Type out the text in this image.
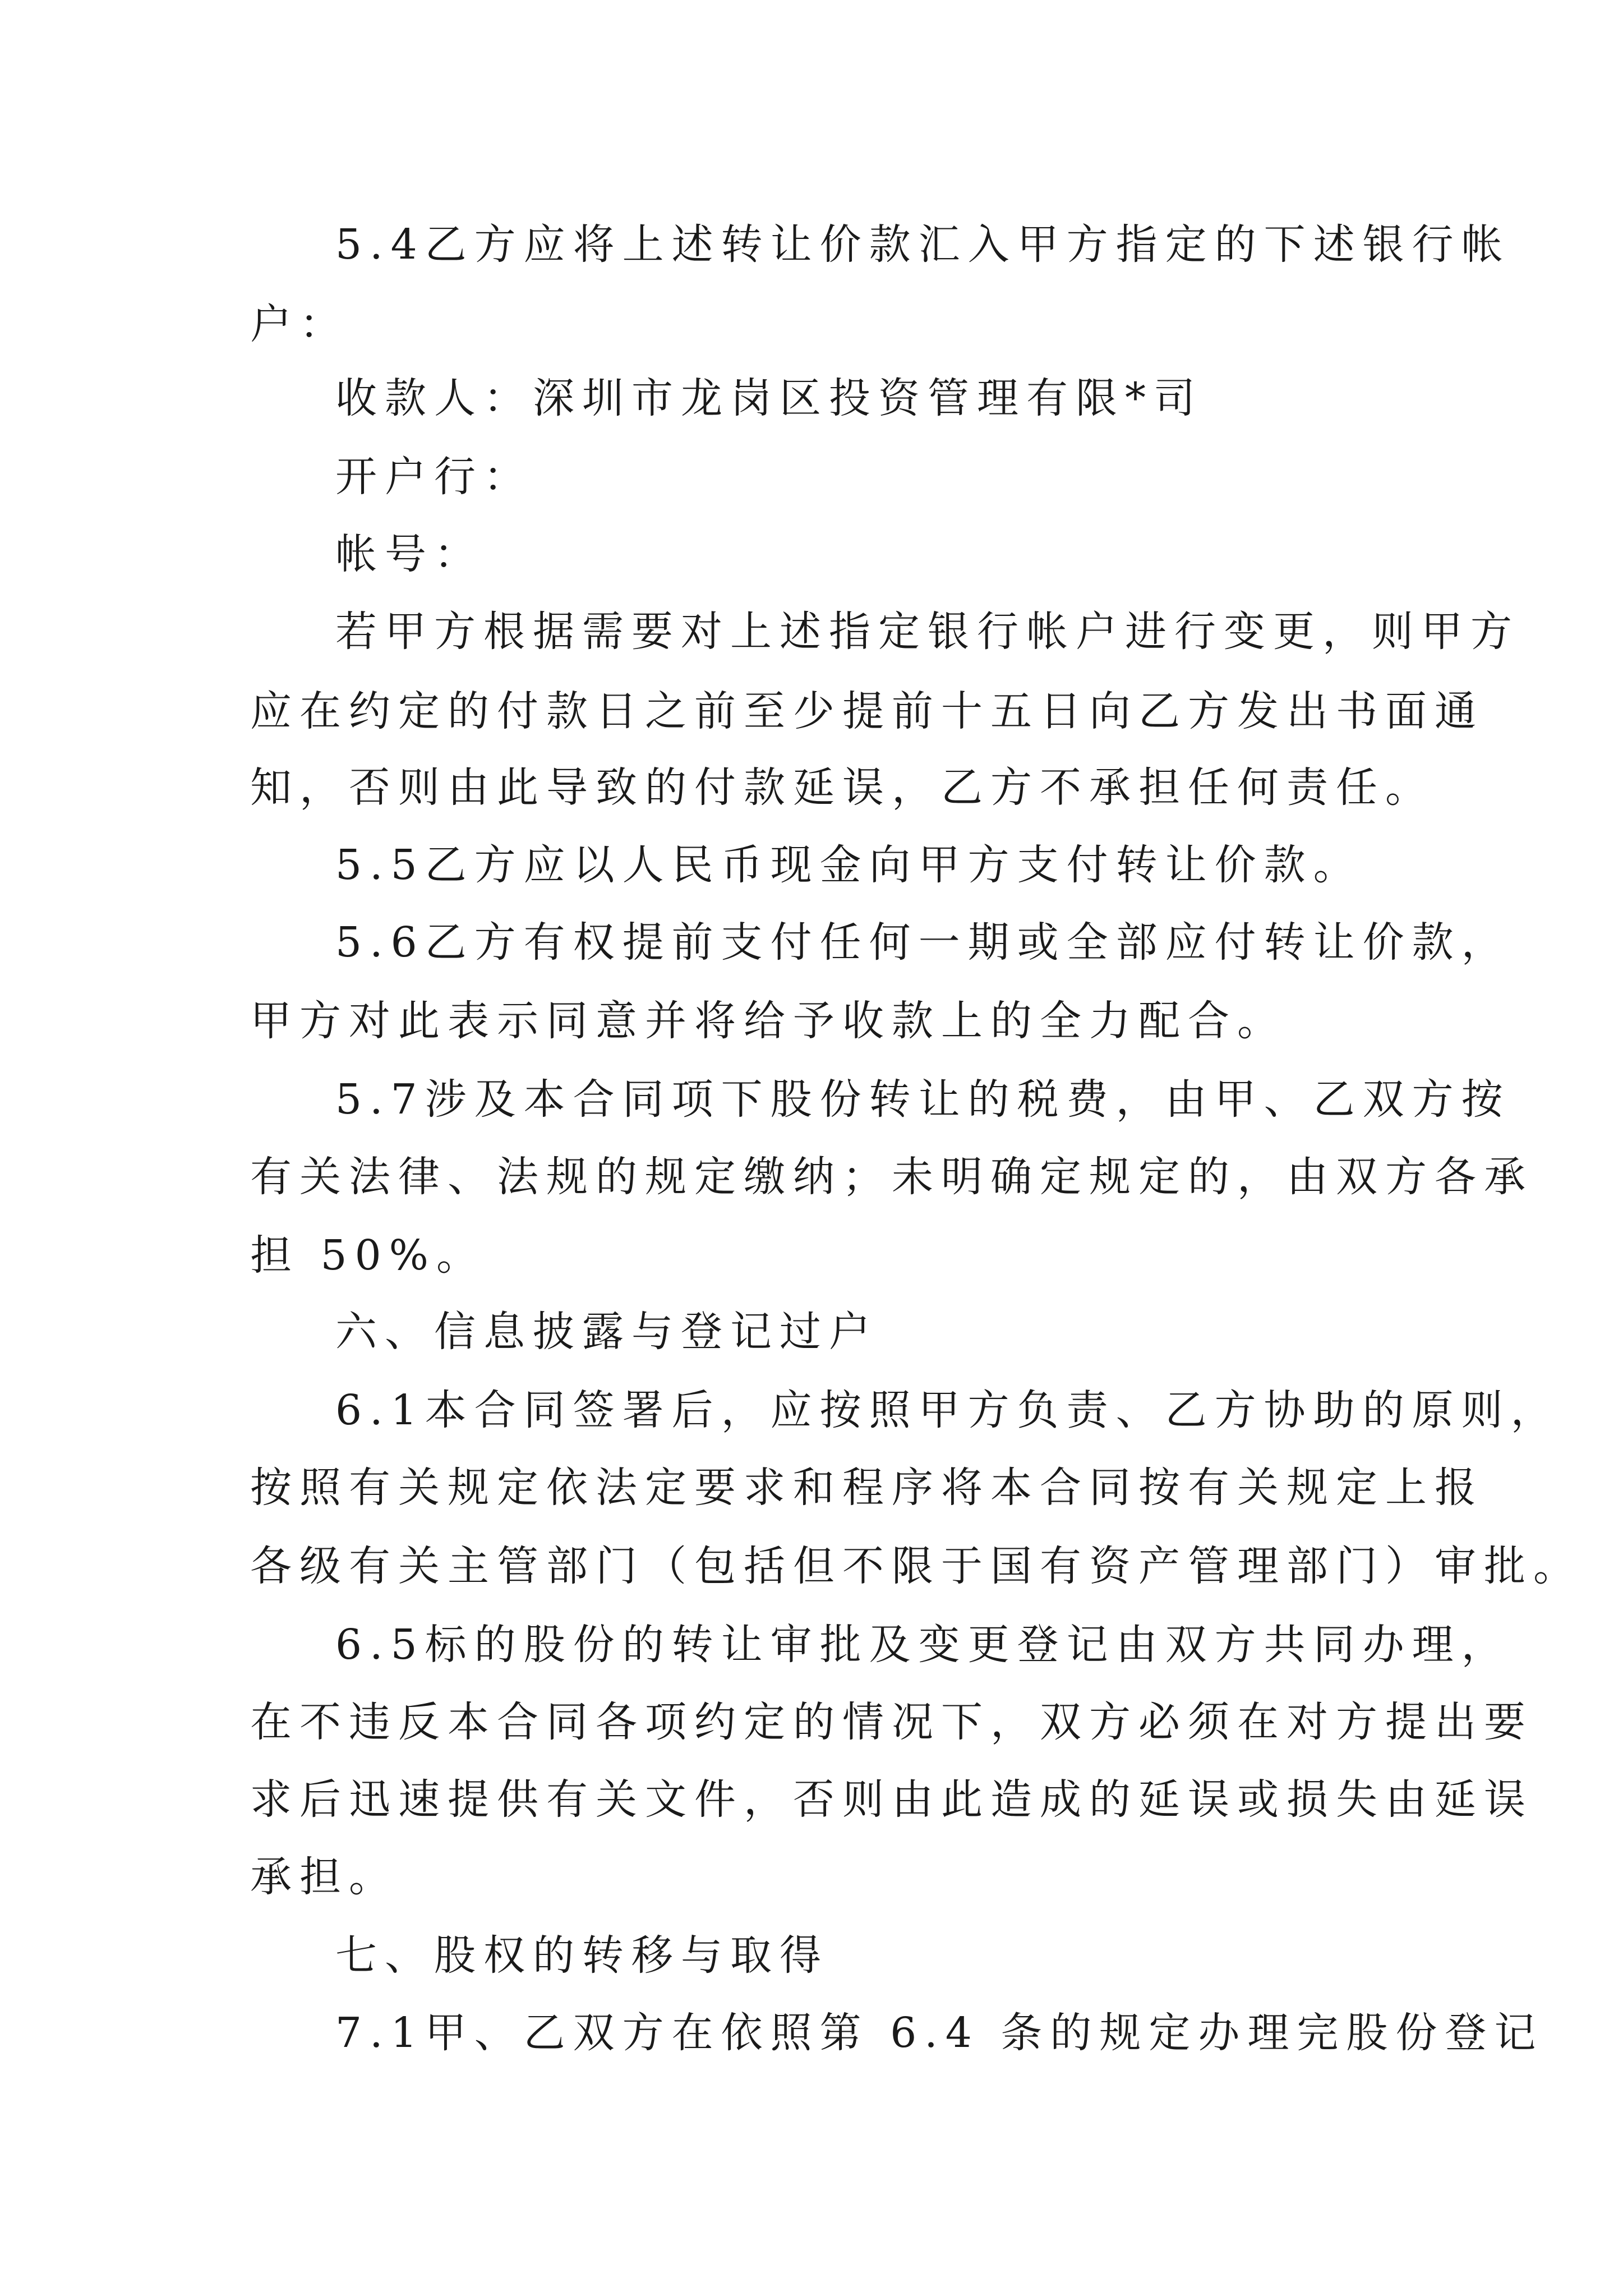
5.4乙方应将上述转让价款汇入甲方指定的下述银行帐

户：

收款人：深圳市龙岗区投资管理有限*司

开户行：

帐号：

若甲方根据需要对上述指定银行帐户进行变更，则甲方

应在约定的付款日之前至少提前十五日向乙方发出书面通

知，否则由此导致的付款延误，乙方不承担任何责任。

5.5乙方应以人民币现金向甲方支付转让价款。

5.6乙方有权提前支付任何一期或全部应付转让价款，

甲方对此表示同意并将给予收款上的全力配合。

5.7涉及本合同项下股份转让的税费，由甲、乙双方按

有关法律、法规的规定缴纳；未明确定规定的，由双方各承

担 50%。

六、信息披露与登记过户

6.1本合同签署后，应按照甲方负责、乙方协助的原则，

按照有关规定依法定要求和程序将本合同按有关规定上报

各级有关主管部门（包括但不限于国有资产管理部门）审批。

6.5标的股份的转让审批及变更登记由双方共同办理，

在不违反本合同各项约定的情况下，双方必须在对方提出要

求后迅速提供有关文件，否则由此造成的延误或损失由延误

承担。

七、股权的转移与取得

7.1甲、乙双方在依照第 6.4 条的规定办理完股份登记
